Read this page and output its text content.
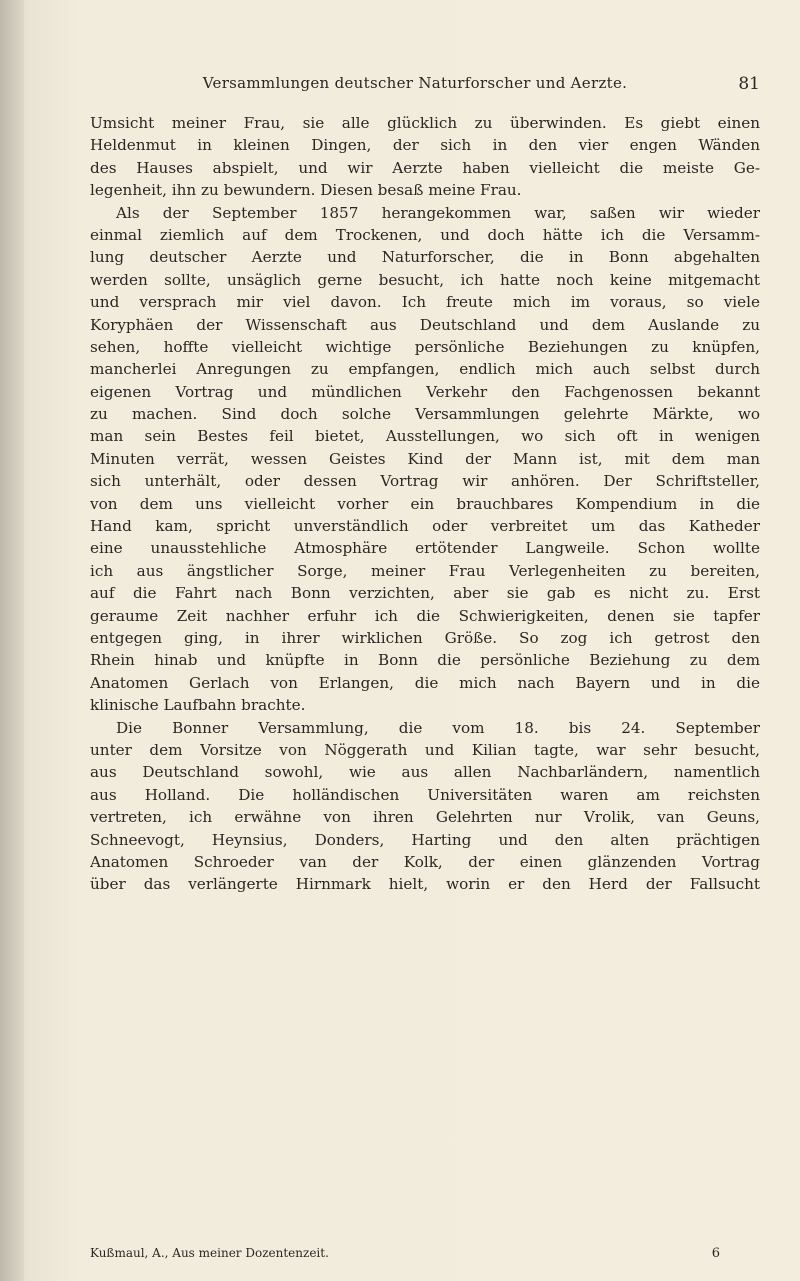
Versammlungen deutscher Naturforscher und Aerzte.	81
Umsicht meiner Frau, sie alle glücklich zu überwinden. Es giebt einen
Heldenmut in kleinen Dingen, der sich in den vier engen Wänden
des Hauses abspielt, und wir Aerzte haben vielleicht die meiste Ge-
legenheit, ihn zu bewundern. Diesen besaß meine Frau.
Als der September 1857 herangekommen war, saßen wir wieder
einmal ziemlich auf dem Trockenen, und doch hätte ich die Versamm-
lung deutscher Aerzte und Naturforscher, die in Bonn abgehalten
werden sollte, unsäglich gerne besucht, ich hatte noch keine mitgemacht
und versprach mir viel davon. Ich freute mich im voraus, so viele
Koryphäen der Wissenschaft aus Deutschland und dem Auslande zu
sehen, hoffte vielleicht wichtige persönliche Beziehungen zu knüpfen,
mancherlei Anregungen zu empfangen, endlich mich auch selbst durch
eigenen Vortrag und mündlichen Verkehr den Fachgenossen bekannt
zu machen. Sind doch solche Versammlungen gelehrte Märkte, wo
man sein Bestes feil bietet, Ausstellungen, wo sich oft in wenigen
Minuten verrät, wessen Geistes Kind der Mann ist, mit dem man
sich unterhält, oder dessen Vortrag wir anhören. Der Schriftsteller,
von dem uns vielleicht vorher ein brauchbares Kompendium in die
Hand kam, spricht unverständlich oder verbreitet um das Katheder
eine unausstehliche Atmosphäre ertötender Langweile. Schon wollte
ich aus ängstlicher Sorge, meiner Frau Verlegenheiten zu bereiten,
auf die Fahrt nach Bonn verzichten, aber sie gab es nicht zu. Erst
geraume Zeit nachher erfuhr ich die Schwierigkeiten, denen sie tapfer
entgegen ging, in ihrer wirklichen Größe. So zog ich getrost den
Rhein hinab und knüpfte in Bonn die persönliche Beziehung zu dem
Anatomen Gerlach von Erlangen, die mich nach Bayern und in die
klinische Laufbahn brachte.
Die Bonner Versammlung, die vom 18. bis 24. September
unter dem Vorsitze von Nöggerath und Kilian tagte, war sehr besucht,
aus Deutschland sowohl, wie aus allen Nachbarländern, namentlich
aus Holland. Die holländischen Universitäten waren am reichsten
vertreten, ich erwähne von ihren Gelehrten nur Vrolik, van Geuns,
Schneevogt, Heynsius, Donders, Harting und den alten prächtigen
Anatomen Schroeder van der Kolk, der einen glänzenden Vortrag
über das verlängerte Hirnmark hielt, worin er den Herd der Fallsucht
Kußmaul, A., Aus meiner Dozentenzeit.	6
